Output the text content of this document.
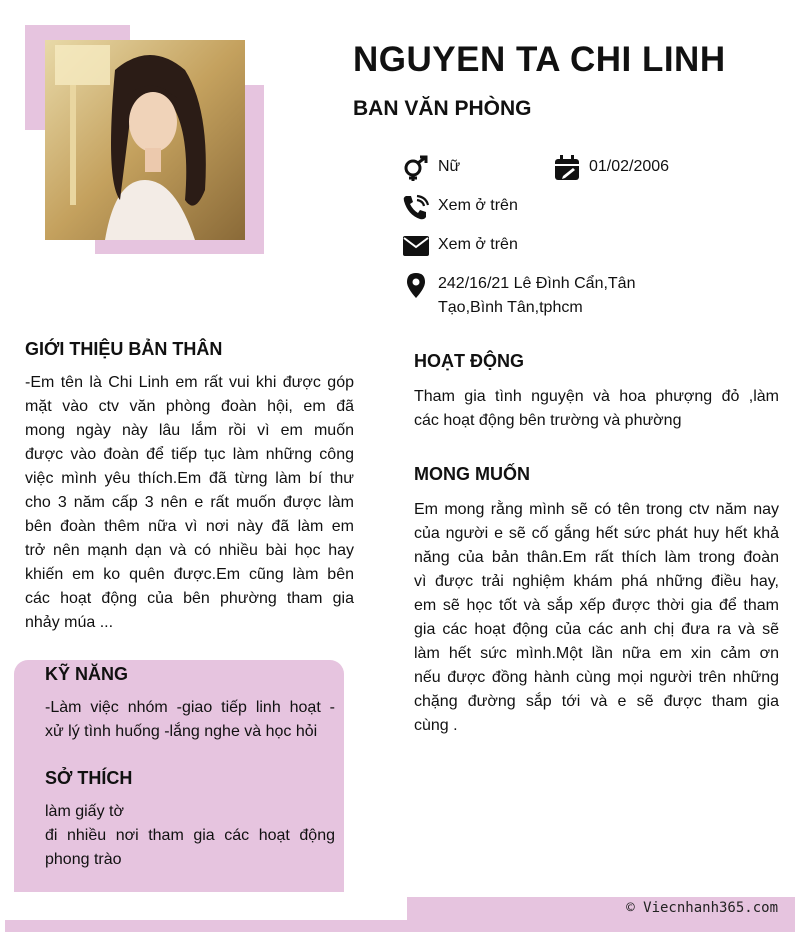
NGUYEN TA CHI LINH
BAN VĂN PHÒNG
Nữ	01/02/2006
Xem ở trên
Xem ở trên
242/16/21 Lê Đình Cẩn,Tân
Tạo,Bình Tân,tphcm
GIỚI THIỆU BẢN THÂN
-Em tên là Chi Linh em rất vui khi được góp
mặt vào ctv văn phòng đoàn hội, em đã
mong ngày này lâu lắm rồi vì em muốn
được vào đoàn để tiếp tục làm những công
việc mình yêu thích.Em đã từng làm bí thư
cho 3 năm cấp 3 nên e rất muốn được làm
bên đoàn thêm nữa vì nơi này đã làm em
trở nên mạnh dạn và có nhiều bài học hay
khiến em ko quên được.Em cũng làm bên
các hoạt động của bên phường tham gia
nhảy múa ...
KỸ NĂNG
-Làm việc nhóm -giao tiếp linh hoạt -
xử lý tình huống -lắng nghe và học hỏi
SỞ THÍCH
làm giấy tờ
đi nhiều nơi tham gia các hoạt động
phong trào
HOẠT ĐỘNG
Tham gia tình nguyện và hoa phượng đỏ ,làm
các hoạt động bên trường và phường
MONG MUỐN
Em mong rằng mình sẽ có tên trong ctv năm nay
của người e sẽ cố gắng hết sức phát huy hết khả
năng của bản thân.Em rất thích làm trong đoàn
vì được trải nghiệm khám phá những điều hay,
em sẽ học tốt và sắp xếp được thời gia để tham
gia các hoạt động của các anh chị đưa ra và sẽ
làm hết sức mình.Một lần nữa em xin cảm ơn
nếu được đồng hành cùng mọi người trên những
chặng đường sắp tới và e sẽ được tham gia
cùng .
© Viecnhanh365.com
